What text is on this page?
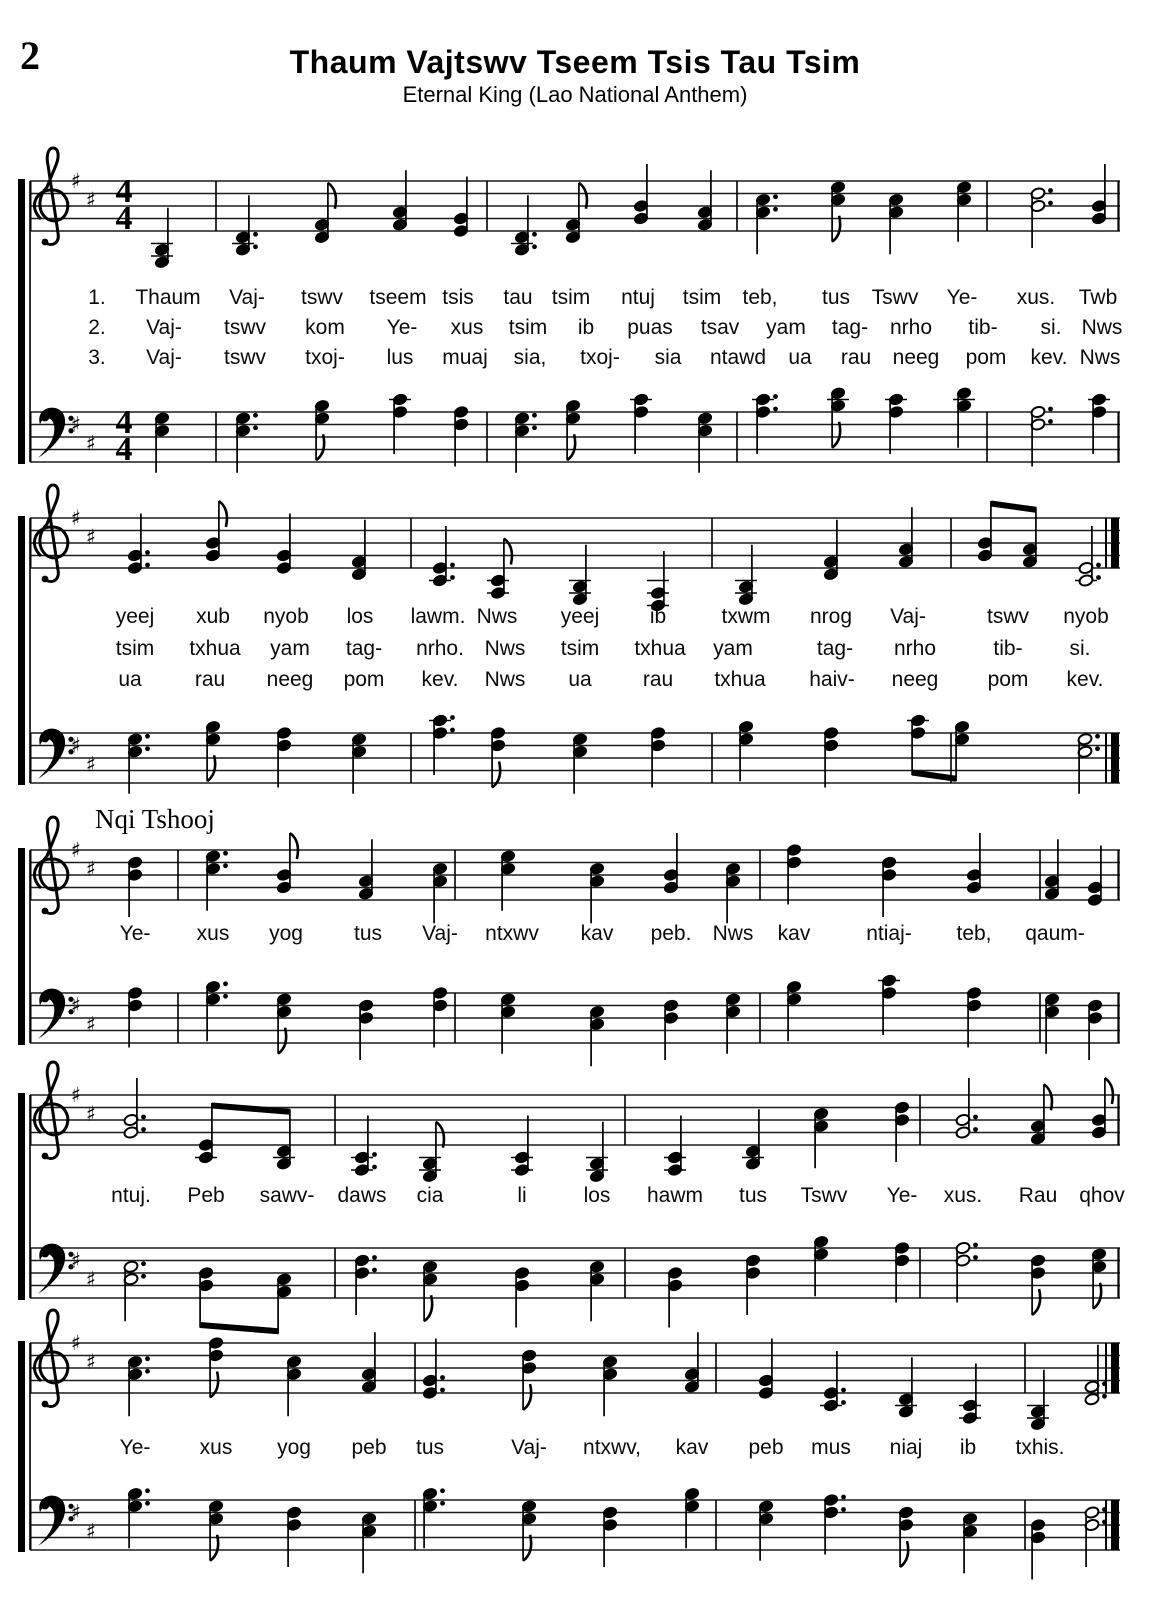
2	Thaum Vajtswv Tseem Tsis Tau Tsim
Eternal King (Lao National Anthem)
Nqi Tshooj
♯
♯ 4
4
♯
♯
4
4
♯
♯
♯
♯
♯
♯
♯
♯
♯
♯
♯
♯
♯
♯
♯
♯
1. Thaum Vaj- tswv tseem tsis tau tsim ntuj tsim teb, tus Tswv Ye- xus. Twb
2. Vaj- tswv kom Ye- xus tsim ib puas tsav yam tag- nrho tib- si. Nws
3. Vaj- tswv txoj- lus muaj sia, txoj- sia ntawd ua rau neeg pom kev. Nws
yeej xub nyob los lawm. Nws yeej ib	txwm nrog Vaj-	tswv nyob
tsim txhua yam tag- nrho. Nws tsim txhua yam	tag- nrho	tib- si.
ua	rau neeg pom kev. Nws ua rau txhua haiv- neeg pom kev.
Ye- xus yog tus Vaj- ntxwv kav peb. Nws kav	ntiaj- teb, qaum-
ntuj. Peb sawv- daws cia	li	los hawm tus Tswv Ye- xus. Rau qhov
Ye- xus yog peb tus	Vaj- ntxwv, kav peb mus niaj ib txhis.
